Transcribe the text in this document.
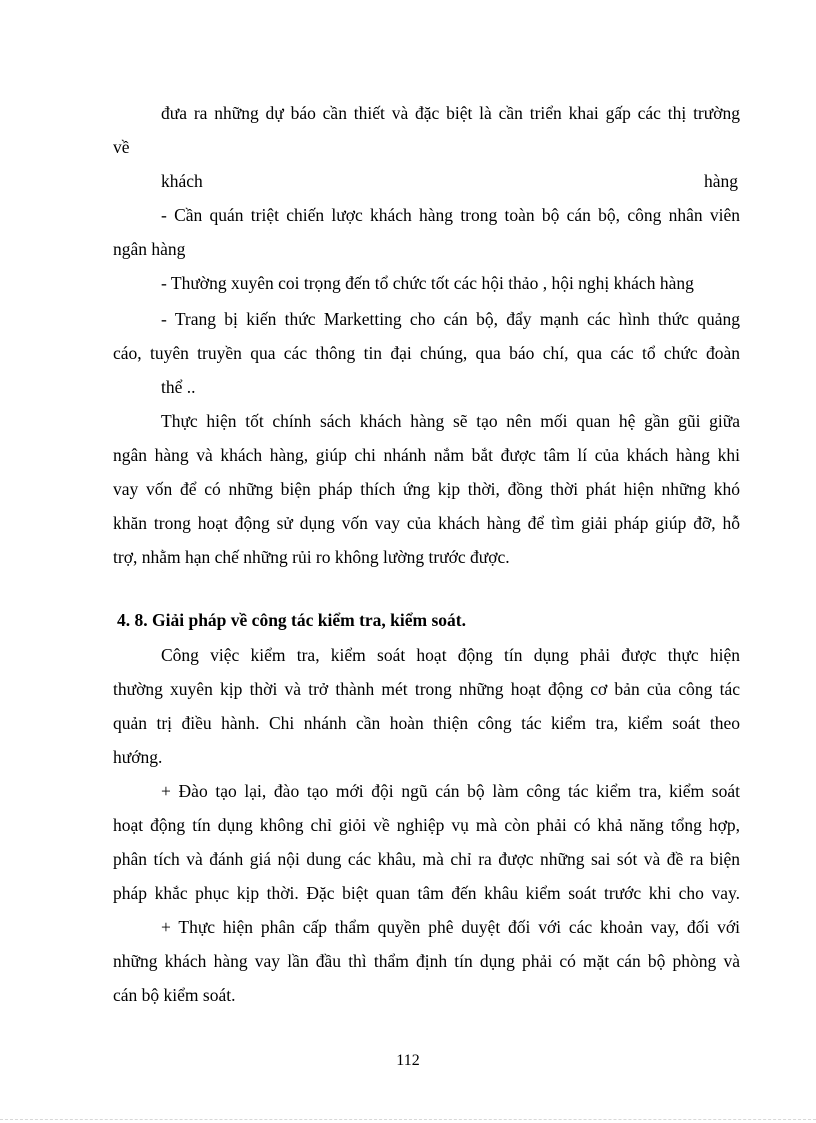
đưa ra những dự báo cần thiết và đặc biệt là cần triển khai gấp các thị trường
về
khách	hàng
- Cần quán triệt chiến lược khách hàng trong toàn bộ cán bộ, công nhân viên
ngân hàng
- Thường xuyên coi trọng đến tổ chức tốt các hội thảo , hội nghị khách hàng
- Trang bị kiến thức Marketting cho cán bộ, đẩy mạnh các hình thức quảng
cáo, tuyên truyền qua các thông tin đại chúng, qua báo chí, qua các tổ chức đoàn
thể ..
Thực hiện tốt chính sách khách hàng sẽ tạo nên mối quan hệ gần gũi giữa
ngân hàng và khách hàng, giúp chi nhánh nắm bắt được tâm lí của khách hàng khi
vay vốn để có những biện pháp thích ứng kịp thời, đồng thời phát hiện những khó
khăn trong hoạt động sử dụng vốn vay của khách hàng để tìm giải pháp giúp đỡ, hỗ
trợ, nhằm hạn chế những rủi ro không lường trước được.
4. 8. Giải pháp về công tác kiểm tra, kiểm soát.
Công việc kiểm tra, kiểm soát hoạt động tín dụng phải được thực hiện
thường xuyên kịp thời và trở thành mét trong những hoạt động cơ bản của công tác
quản trị điều hành. Chi nhánh cần hoàn thiện công tác kiểm tra, kiểm soát theo
hướng.
+ Đào tạo lại, đào tạo mới đội ngũ cán bộ làm công tác kiểm tra, kiểm soát
hoạt động tín dụng không chỉ giỏi về nghiệp vụ mà còn phải có khả năng tổng hợp,
phân tích và đánh giá nội dung các khâu, mà chỉ ra được những sai sót và đề ra biện
pháp khắc phục kịp thời. Đặc biệt quan tâm đến khâu kiểm soát trước khi cho vay.
+ Thực hiện phân cấp thẩm quyền phê duyệt đối với các khoản vay, đối với
những khách hàng vay lần đầu thì thẩm định tín dụng phải có mặt cán bộ phòng và
cán bộ kiểm soát.
112
